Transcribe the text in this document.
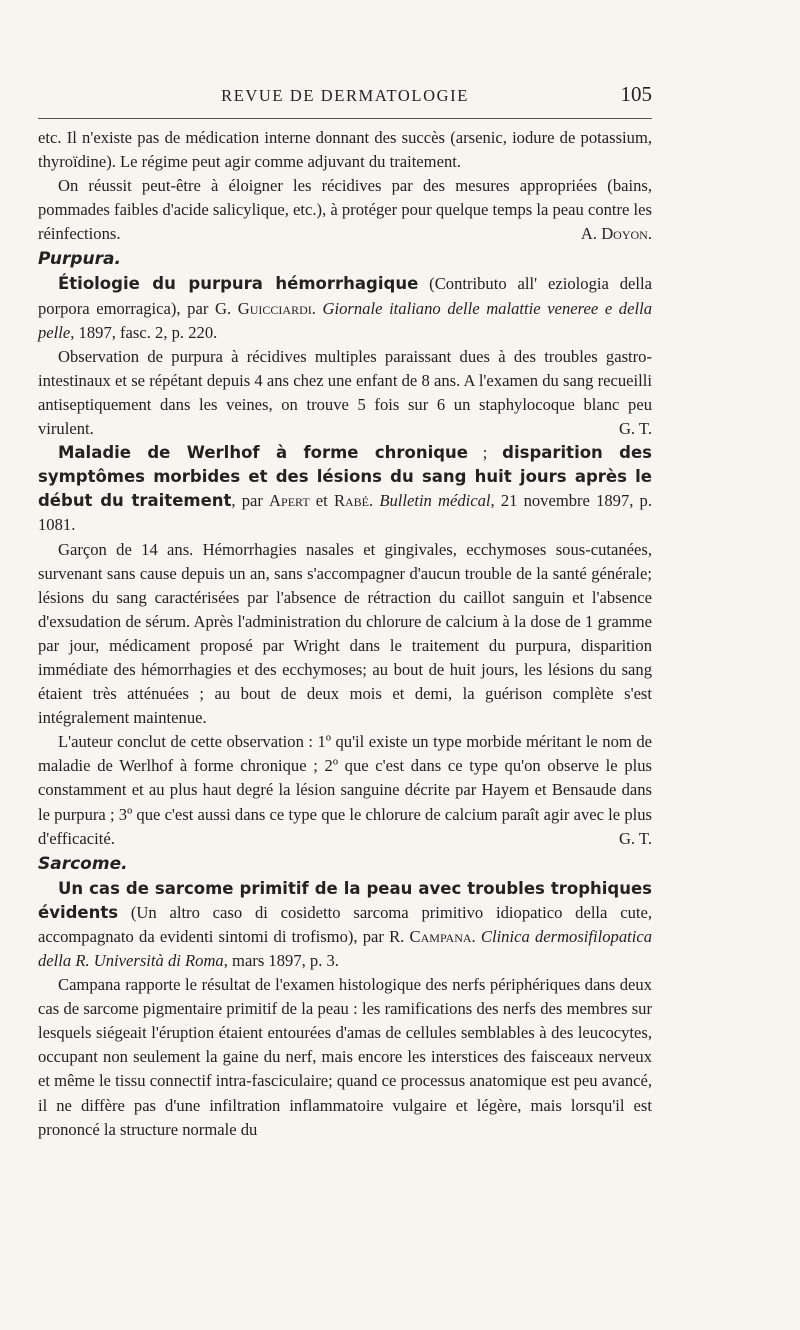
REVUE DE DERMATOLOGIE	105

etc. Il n'existe pas de médication interne donnant des succès (arsenic, iodure de potassium, thyroïdine). Le régime peut agir comme adjuvant du traitement.

On réussit peut-être à éloigner les récidives par des mesures appropriées (bains, pommades faibles d'acide salicylique, etc.), à protéger pour quelque temps la peau contre les réinfections.	A. Doyon.

Purpura.

Étiologie du purpura hémorrhagique (Contributo all' eziologia della porpora emorragica), par G. Guicciardi. Giornale italiano delle malattie veneree e della pelle, 1897, fasc. 2, p. 220.

Observation de purpura à récidives multiples paraissant dues à des troubles gastro-intestinaux et se répétant depuis 4 ans chez une enfant de 8 ans. A l'examen du sang recueilli antiseptiquement dans les veines, on trouve 5 fois sur 6 un staphylocoque blanc peu virulent.	G. T.

Maladie de Werlhof à forme chronique ; disparition des symptômes morbides et des lésions du sang huit jours après le début du traitement, par Apert et Rabé. Bulletin médical, 21 novembre 1897, p. 1081.

Garçon de 14 ans. Hémorrhagies nasales et gingivales, ecchymoses sous-cutanées, survenant sans cause depuis un an, sans s'accompagner d'aucun trouble de la santé générale; lésions du sang caractérisées par l'absence de rétraction du caillot sanguin et l'absence d'exsudation de sérum. Après l'administration du chlorure de calcium à la dose de 1 gramme par jour, médicament proposé par Wright dans le traitement du purpura, disparition immédiate des hémorrhagies et des ecchymoses; au bout de huit jours, les lésions du sang étaient très atténuées ; au bout de deux mois et demi, la guérison complète s'est intégralement maintenue.

L'auteur conclut de cette observation : 1º qu'il existe un type morbide méritant le nom de maladie de Werlhof à forme chronique ; 2º que c'est dans ce type qu'on observe le plus constamment et au plus haut degré la lésion sanguine décrite par Hayem et Bensaude dans le purpura ; 3º que c'est aussi dans ce type que le chlorure de calcium paraît agir avec le plus d'efficacité.	G. T.

Sarcome.

Un cas de sarcome primitif de la peau avec troubles trophiques évidents (Un altro caso di cosidetto sarcoma primitivo idiopatico della cute, accompagnato da evidenti sintomi di trofismo), par R. Campana. Clinica dermosifilopatica della R. Università di Roma, mars 1897, p. 3.

Campana rapporte le résultat de l'examen histologique des nerfs périphériques dans deux cas de sarcome pigmentaire primitif de la peau : les ramifications des nerfs des membres sur lesquels siégeait l'éruption étaient entourées d'amas de cellules semblables à des leucocytes, occupant non seulement la gaine du nerf, mais encore les interstices des faisceaux nerveux et même le tissu connectif intra-fasciculaire; quand ce processus anatomique est peu avancé, il ne diffère pas d'une infiltration inflammatoire vulgaire et légère, mais lorsqu'il est prononcé la structure normale du
